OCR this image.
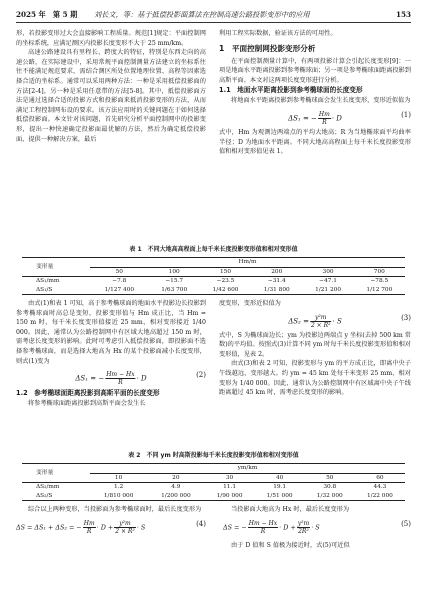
2025 年　第 5 期 刘长文，等：基于抵偿投影面算法在控制高速公路投影变形中的应用	153

形，若投影变形过大会直接影响工程质量。规范[1]规定：平面控制网的坐标系统，应满足测区内投影长度变形不大于 25 mm/km。

高速公路建设具有里程长、跨度大的特征，特别是东西走向的高速公路，在实际建设中，采用常规平面控制测量方法建立的坐标系往往不能满足规范要求，需结合测区所处位置地理位置、高程等因素选择合适的坐标系。通常可以采用两种方法：一种是采用抵偿投影面的方法[2-4]，另一种是采用任意带的方法[5-8]。其中，抵偿投影面方法是通过选择合适的投影方式和投影面来抵消投影变形的方法，从而满足工程控制网布设的要求。该方法应用时的关键问题在于如何选择抵偿投影面。本文针对该问题，首先研究分析平面控制网中的投影变形，提出一种快速确定投影面最优解的方法，然后为确定抵偿投影面，提供一种解决方案，最后

利用工程实际数据，验证该方法的可用性。

1　平面控制网投影变形分析

在平面控制测量计算中，有两项投影计算会引起长度变形[9]：一项是地面水平距离投影到参考椭球面；另一项是参考椭球面距离投影到高斯平面。本文对这两项长度变形进行分析。

1.1　地面水平距离投影到参考椭球面的长度变形

将地面水平距离投影到参考椭球面会发生长度变形，变形近似值为

ΔS₁ = − $\frac{Hm}{R} \cdot D$	(1)

式中，Hm 为观测边两端点的平均大地高；R 为当地椭球面平均曲率半径；D 为地面水平距离。不同大地高高程面上每千米长度投影变形值和相对变形值见表 1。

表 1　不同大地高高程面上每千米长度投影变形值和相对变形值
变形量	Hm/m					
	50	100	150	200	300	700
ΔS₁/mm	−7.8	−15.7	−23.5	−31.4	−47.1	−78.5
ΔS₁/S	1/127 400	1/63 700	1/42 600	1/31 800	1/21 200	1/12 700

由式(1)和表 1 可知，高于参考椭球面的地面水平投影边长投影到参考椭球面时高总是变短，投影变形值与 Hm 成正比，当 Hm = 150 m 时，每千米长度变形值接近 25 mm，相对变形接近 1/40 000。因此，通常认为公路控制网中有区域大地高超过 150 m 时，需考虑长度变形的影响。此时可考虑引入抵偿投影面，即投影面不选择参考椭球面，而是选择大地高为 Hx 的某个投影面减小长度变形，则式(1)变为

ΔS₁ = − $\frac{Hm - Hx}{R} \cdot D$	(2)
1.2　参考椭球面距离投影到高斯平面的长度变形

将参考椭球面距离投影到高斯平面会发生长

度变形，变形近似值为

$\Delta S_2 = \frac{\text{y²m}}{\text{2 × R²}} \cdot S$	(3)

式中，S 为椭球面边长；ym 为投影边两端点 y 坐标(去掉 500 km 常数)的平均值。按照式(3)计算不同 ym 时每千米长度投影变形值和相对变形值，见表 2。

由式(3)和表 2 可知，投影变形与 ym 的平方成正比，即离中央子午线越远，变形越大。约 ym = 45 km 处每千米变形 25 mm，相对变形为 1/40 000。因此，通常认为公路控制网中有区域离中央子午线距离超过 45 km 时，需考虑长度变形的影响。

表 2　不同 ym 时高斯投影每千米长度投影变形值和相对变形值
变形量	ym/km					
	10	20	30	40	50	60
ΔS₂/mm	1.2	4.9	11.1	19.1	30.8	44.3
ΔS₂/S	1/810 000	1/200 000	1/90 000	1/51 000	1/32 000	1/22 000

综合以上两种变形，当投影面为参考椭球面时，最后长度变形为

ΔS = ΔS₁ + ΔS₂ = − $\frac{Hm}{R} \cdot D + \frac{\text{y²m}}{\text{2 × R²}} \cdot S$	(4)

当投影面大地高为 Hx 时，最后长度变形为

ΔS = − $\frac{Hm - Hx}{R} \cdot D + \frac{\text{y²m}}{\text{2R²}} \cdot S$	(5)

由于 D 值和 S 值极为接近时，式(5)可近似
